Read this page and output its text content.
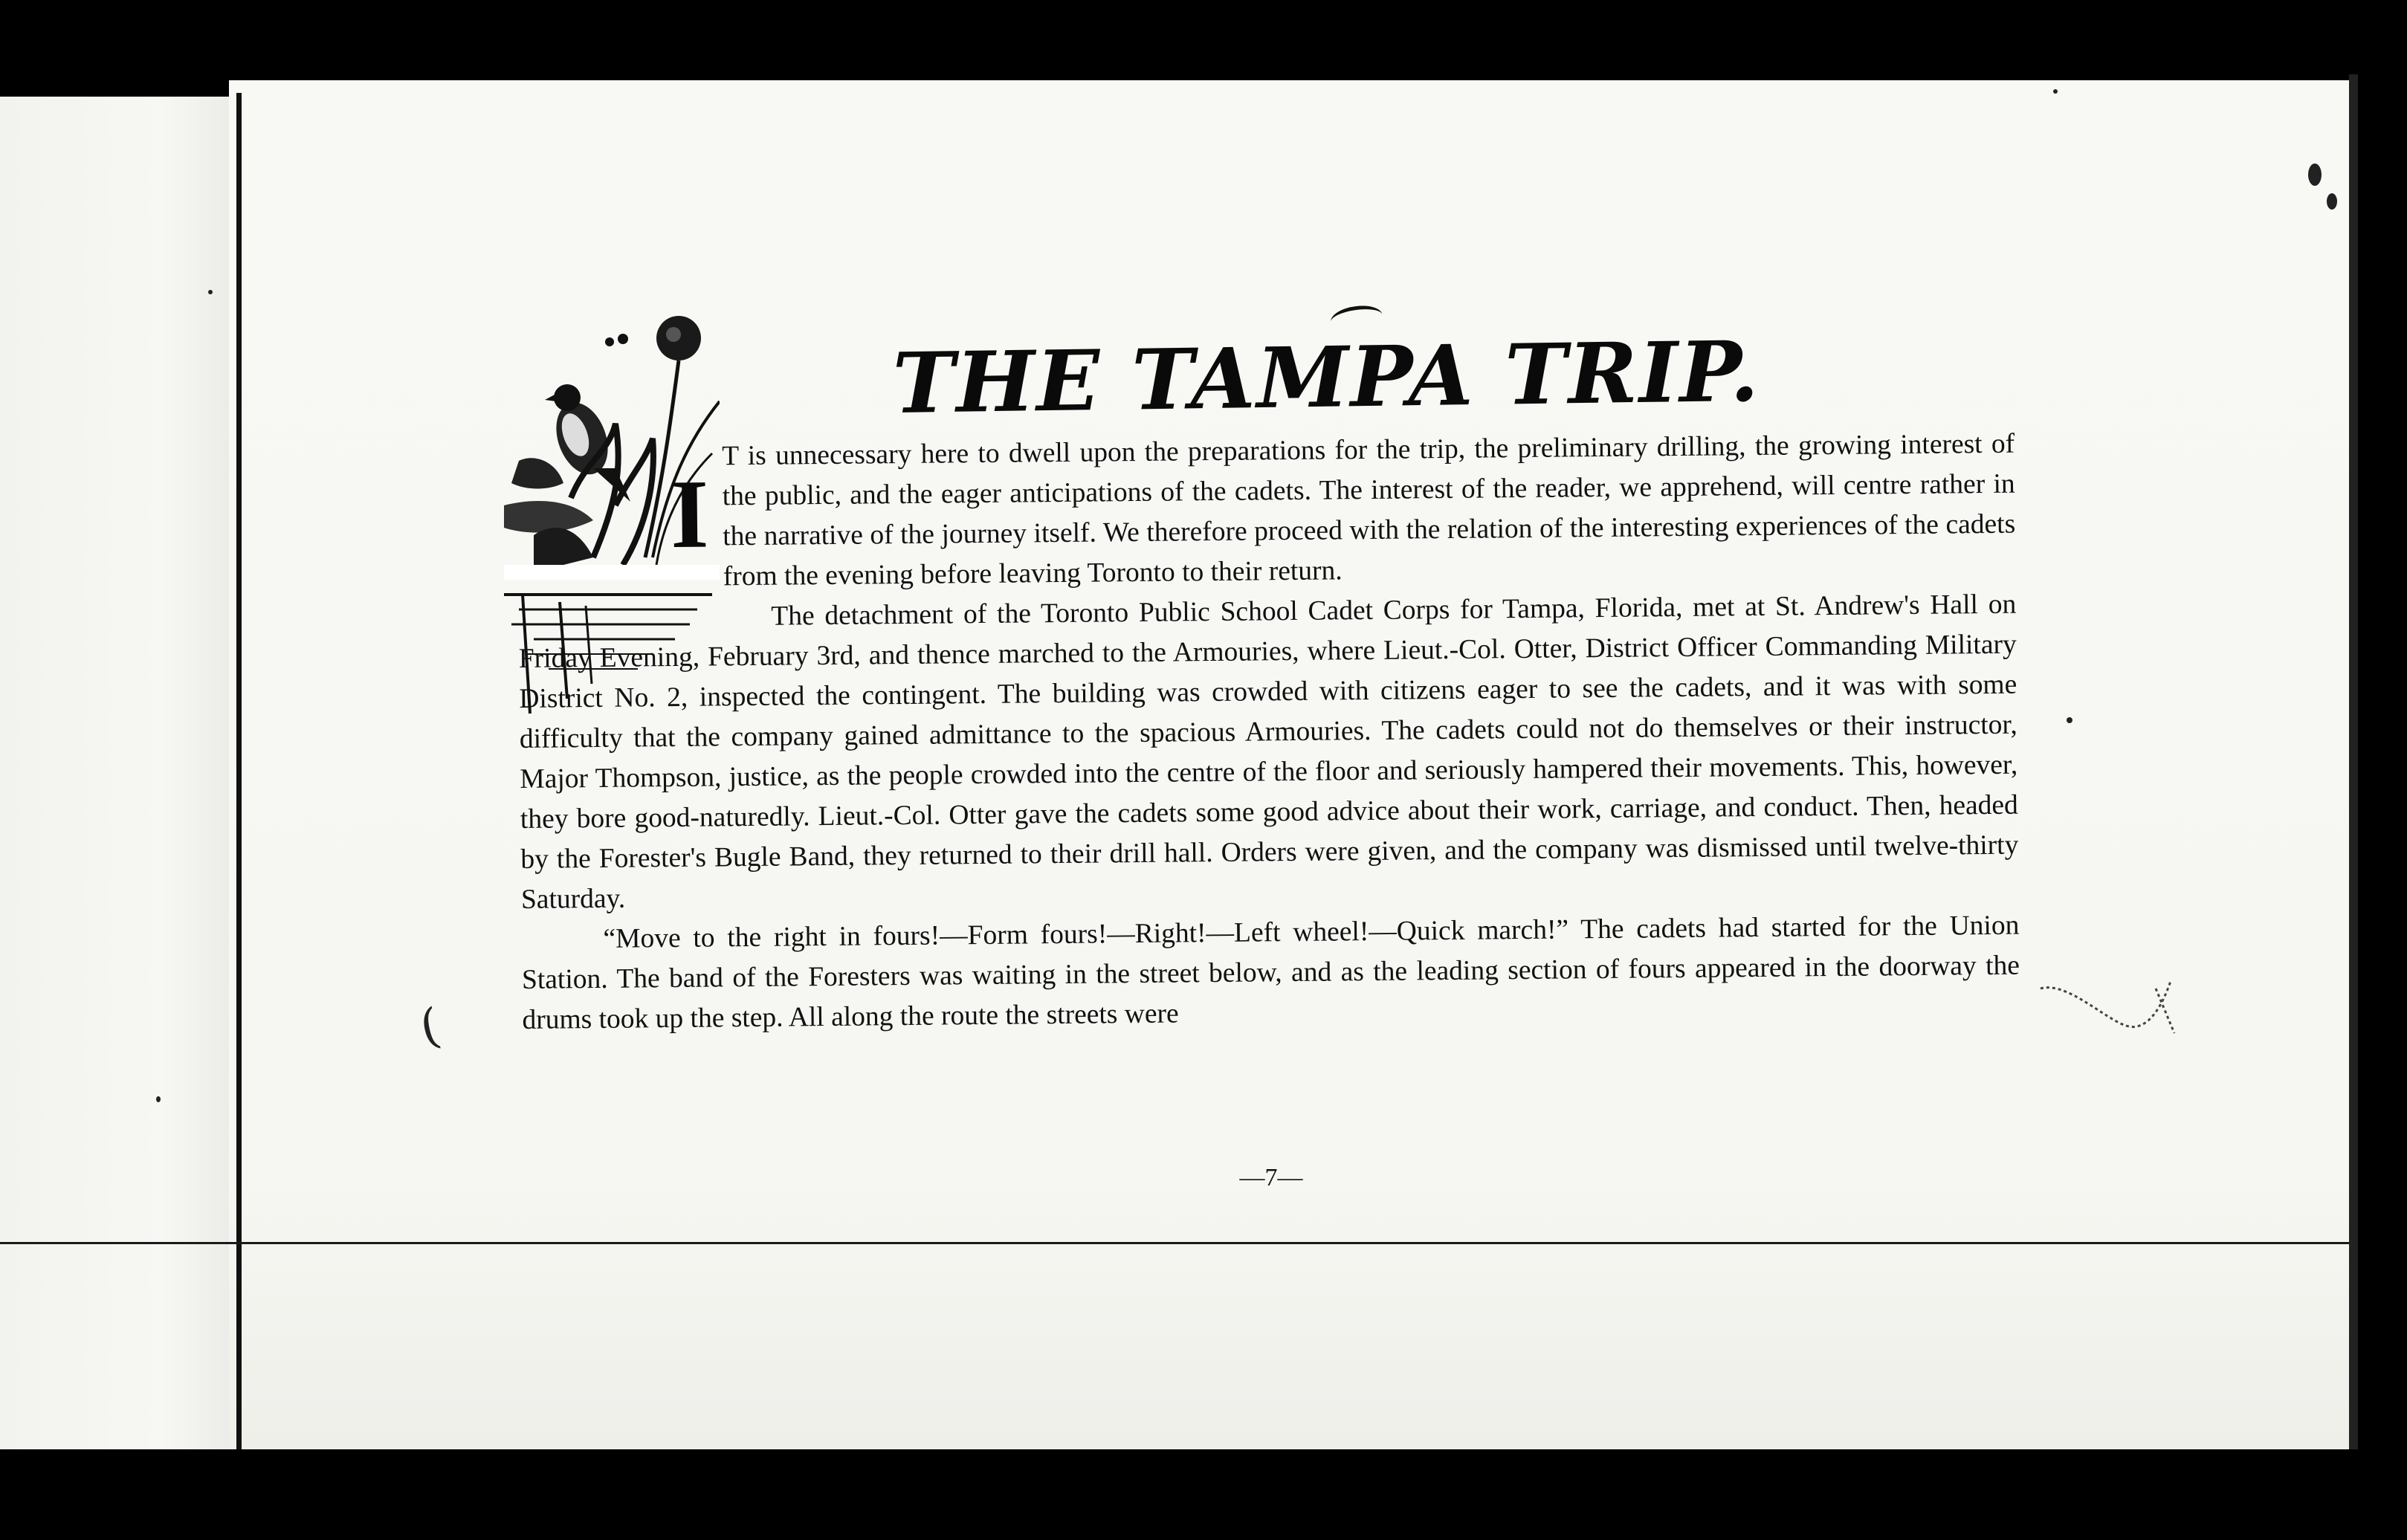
THE TAMPA TRIP.
I

T is unnecessary here to dwell upon the preparations for the trip, the preliminary drilling, the growing interest of the public, and the eager anticipations of the cadets. The interest of the reader, we apprehend, will centre rather in the narrative of the journey itself. We therefore proceed with the relation of the interesting experiences of the cadets from the evening before leaving Toronto to their return.

The detachment of the Toronto Public School Cadet Corps for Tampa, Florida, met at St. Andrew's Hall on Friday Evening, February 3rd, and thence marched to the Armouries, where Lieut.-Col. Otter, District Officer Commanding Military District No. 2, inspected the contingent. The building was crowded with citizens eager to see the cadets, and it was with some difficulty that the company gained admittance to the spacious Armouries. The cadets could not do themselves or their instructor, Major Thompson, justice, as the people crowded into the centre of the floor and seriously hampered their movements. This, however, they bore good-naturedly. Lieut.-Col. Otter gave the cadets some good advice about their work, carriage, and conduct. Then, headed by the Forester's Bugle Band, they returned to their drill hall. Orders were given, and the company was dismissed until twelve-thirty Saturday.

“Move to the right in fours!—Form fours!—Right!—Left wheel!—Quick march!” The cadets had started for the Union Station. The band of the Foresters was waiting in the street below, and as the leading section of fours appeared in the doorway the drums took up the step. All along the route the streets were

—7—
(
